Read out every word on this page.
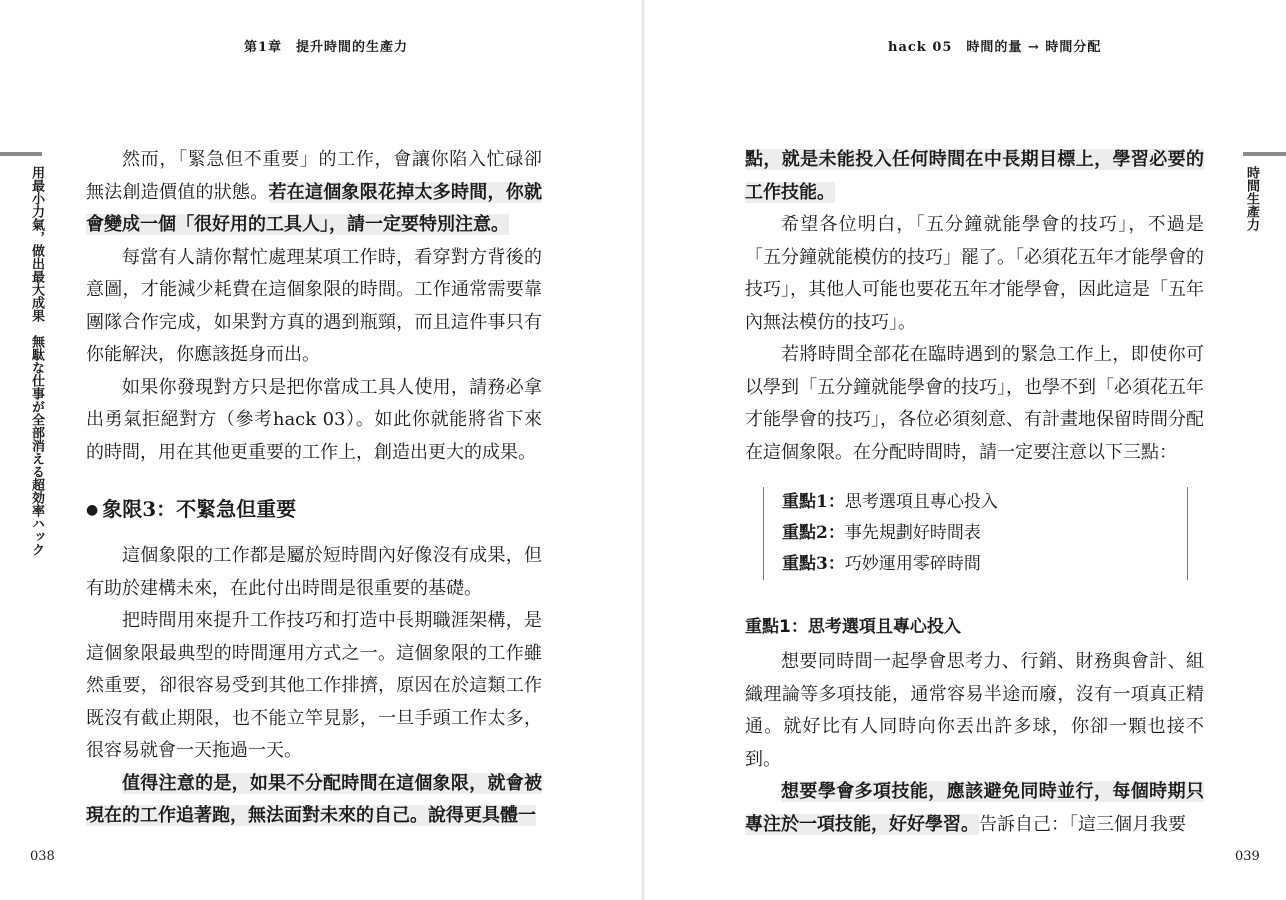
第1章　提升時間的生產力
用最小力氣，做出最大成果　無駄な仕事が全部消える超効率ハック

然而，「緊急但不重要」的工作，會讓你陷入忙碌卻無法創造價值的狀態。若在這個象限花掉太多時間，你就會變成一個「很好用的工具人」，請一定要特別注意。

每當有人請你幫忙處理某項工作時，看穿對方背後的意圖，才能減少耗費在這個象限的時間。工作通常需要靠團隊合作完成，如果對方真的遇到瓶頸，而且這件事只有你能解決，你應該挺身而出。

如果你發現對方只是把你當成工具人使用，請務必拿出勇氣拒絕對方（參考hack 03）。如此你就能將省下來的時間，用在其他更重要的工作上，創造出更大的成果。

● 象限3：不緊急但重要

這個象限的工作都是屬於短時間內好像沒有成果，但有助於建構未來，在此付出時間是很重要的基礎。

把時間用來提升工作技巧和打造中長期職涯架構，是這個象限最典型的時間運用方式之一。這個象限的工作雖然重要，卻很容易受到其他工作排擠，原因在於這類工作既沒有截止期限，也不能立竿見影，一旦手頭工作太多，很容易就會一天拖過一天。

值得注意的是，如果不分配時間在這個象限，就會被現在的工作追著跑，無法面對未來的自己。說得更具體一

038
hack 05　時間的量 → 時間分配
時間生產力

點，就是未能投入任何時間在中長期目標上，學習必要的工作技能。

希望各位明白，「五分鐘就能學會的技巧」，不過是「五分鐘就能模仿的技巧」罷了。「必須花五年才能學會的技巧」，其他人可能也要花五年才能學會，因此這是「五年內無法模仿的技巧」。

若將時間全部花在臨時遇到的緊急工作上，即使你可以學到「五分鐘就能學會的技巧」，也學不到「必須花五年才能學會的技巧」，各位必須刻意、有計畫地保留時間分配在這個象限。在分配時間時，請一定要注意以下三點：

重點1：思考選項且專心投入
重點2：事先規劃好時間表
重點3：巧妙運用零碎時間
重點1：思考選項且專心投入

想要同時間一起學會思考力、行銷、財務與會計、組織理論等多項技能，通常容易半途而廢，沒有一項真正精通。就好比有人同時向你丟出許多球，你卻一顆也接不到。

想要學會多項技能，應該避免同時並行，每個時期只專注於一項技能，好好學習。告訴自己：「這三個月我要

039
